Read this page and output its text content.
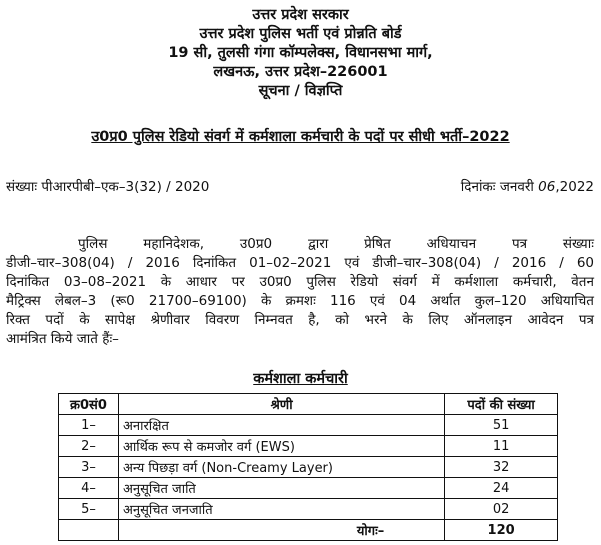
उत्तर प्रदेश सरकार
उत्तर प्रदेश पुलिस भर्ती एवं प्रोन्नति बोर्ड
19 सी, तुलसी गंगा कॉम्पलेक्स, विधानसभा मार्ग,
लखनऊ, उत्तर प्रदेश–226001
सूचना / विज्ञप्ति
उ0प्र0 पुलिस रेडियो संवर्ग में कर्मशाला कर्मचारी के पदों पर सीधी भर्ती–2022
संख्याः पीआरपीबी–एक–3(32) / 2020	दिनांकः जनवरी 06,2022
पुलिस महानिदेशक, उ0प्र0 द्वारा प्रेषित अधियाचन पत्र संख्याः
डीजी–चार–308(04) / 2016 दिनांकित 01–02–2021 एवं डीजी–चार–308(04) / 2016 / 60
दिनांकित 03–08–2021 के आधार पर उ0प्र0 पुलिस रेडियो संवर्ग में कर्मशाला कर्मचारी, वेतन
मैट्रिक्स लेबल–3 (रू0 21700–69100) के क्रमशः 116 एवं 04 अर्थात कुल–120 अधियाचित
रिक्त पदों के सापेक्ष श्रेणीवार विवरण निम्नवत है, को भरने के लिए ऑनलाइन आवेदन पत्र
आमंत्रित किये जाते हैंः–
कर्मशाला कर्मचारी
क्र0सं0	श्रेणी	पदों की संख्या
1–	अनारक्षित	51
2–	आर्थिक रूप से कमजोर वर्ग (EWS)	11
3–	अन्य पिछड़ा वर्ग (Non-Creamy Layer)	32
4–	अनुसूचित जाति	24
5–	अनुसूचित जनजाति	02
	योगः–	120
